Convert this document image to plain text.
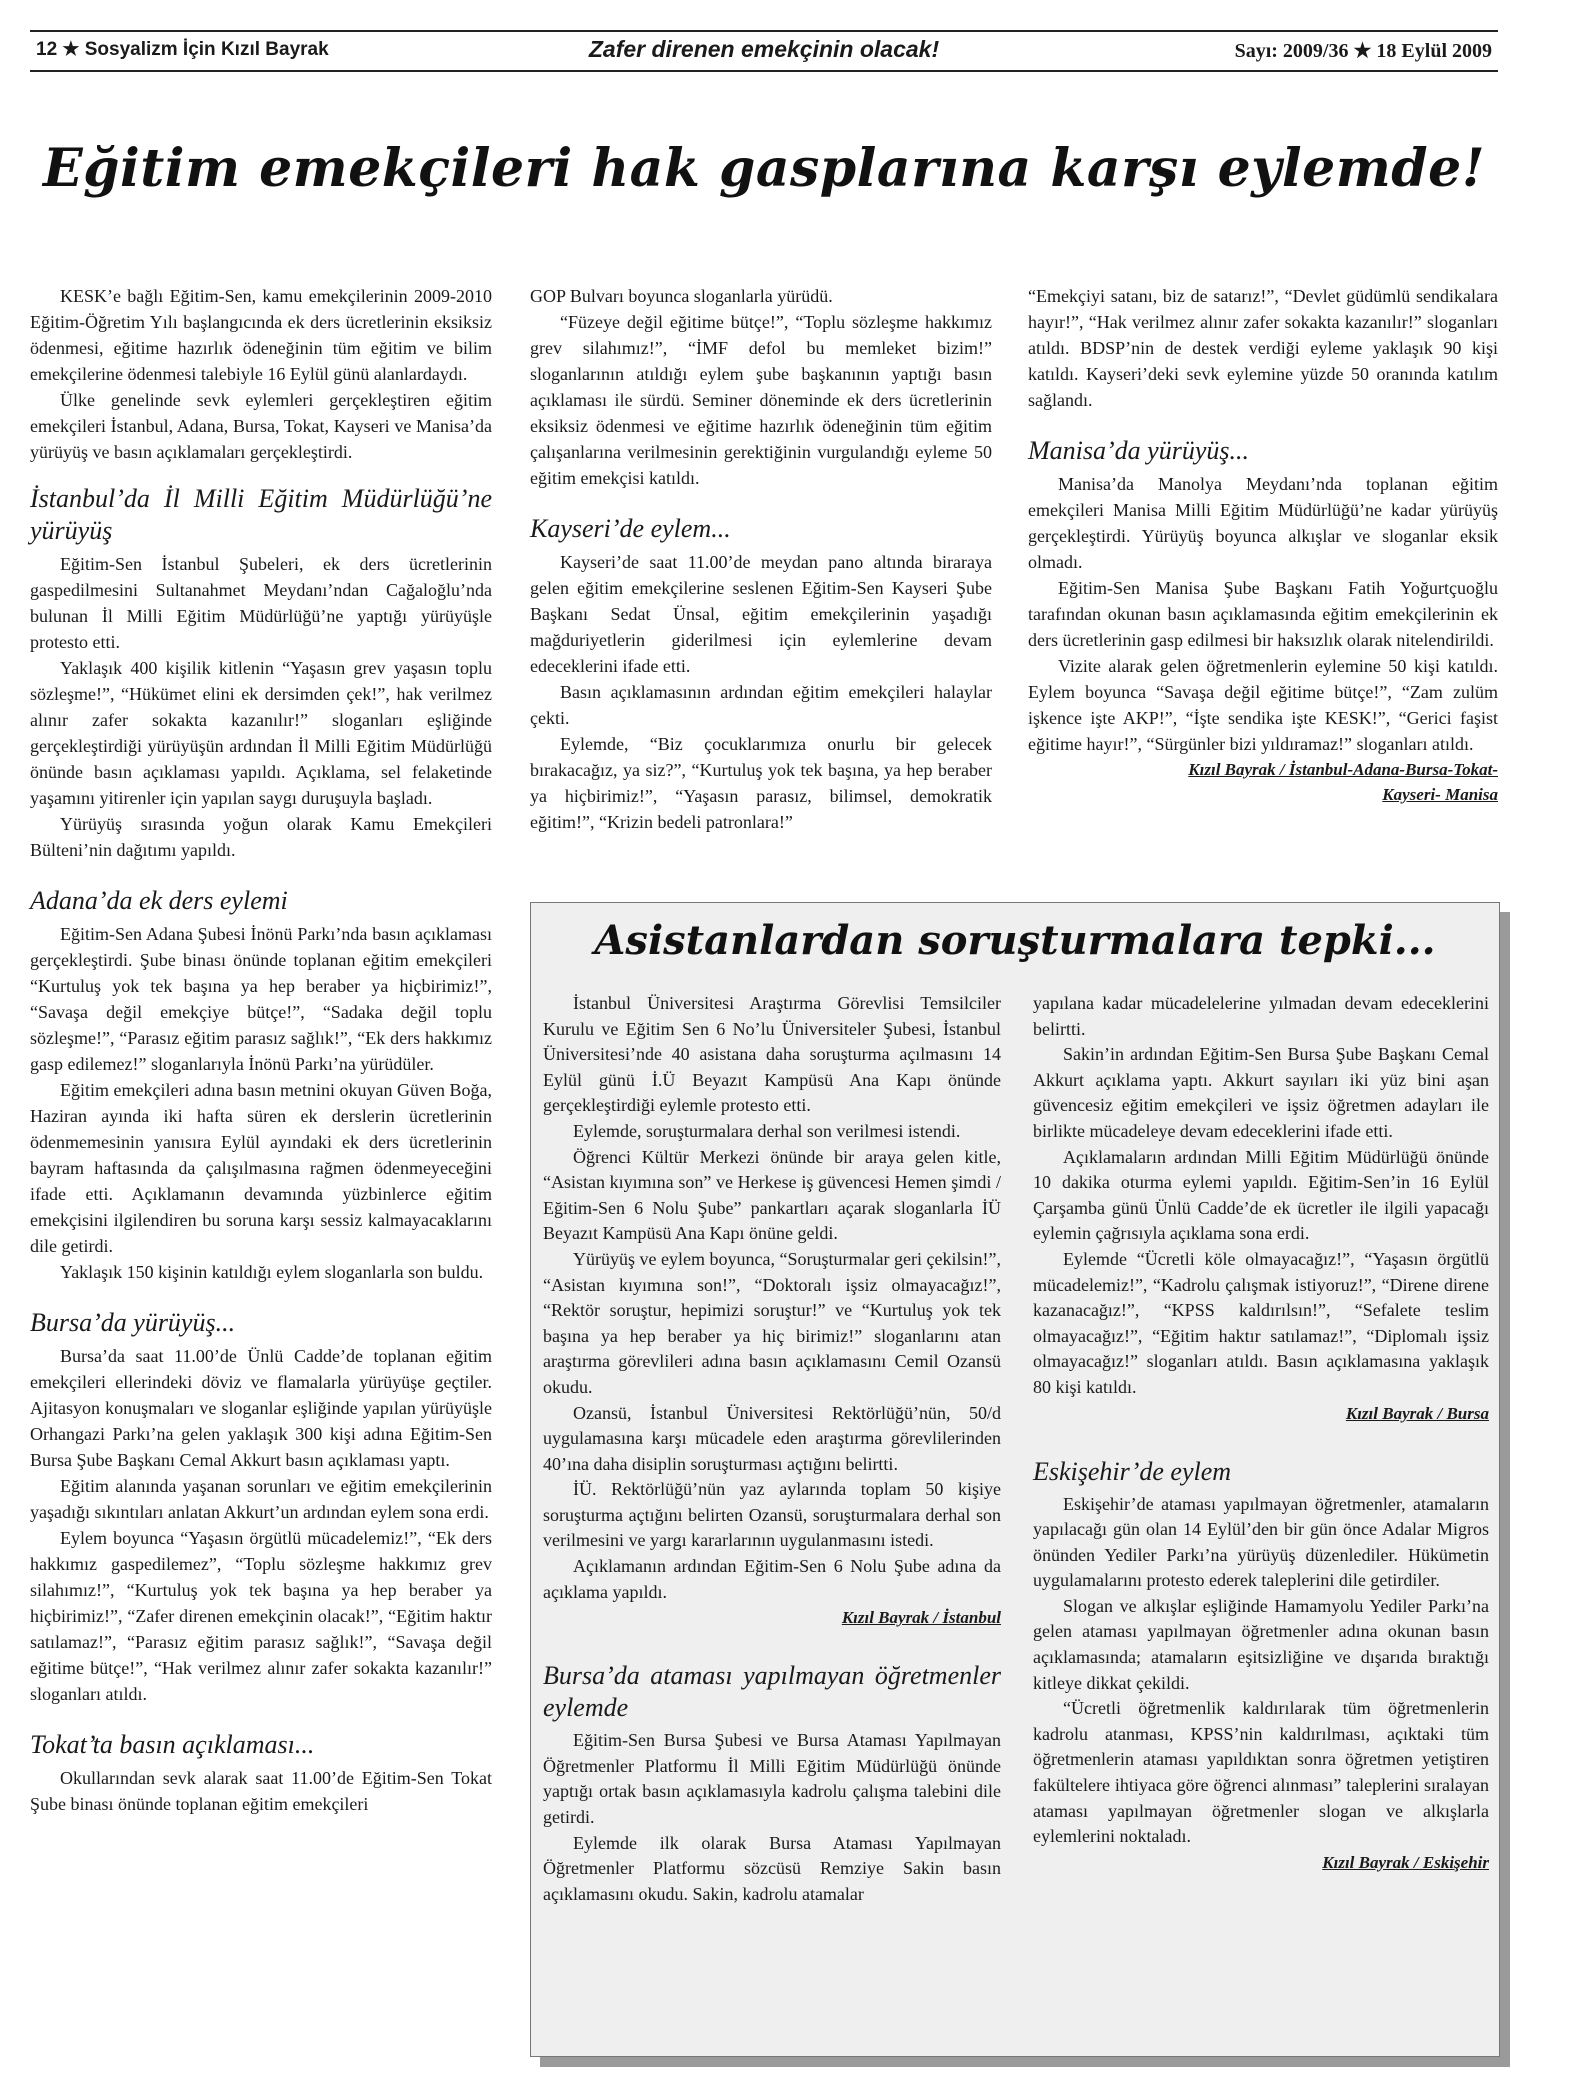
12 ★ Sosyalizm İçin Kızıl Bayrak	Zafer direnen emekçinin olacak!	Sayı: 2009/36 ★ 18 Eylül 2009
Eğitim emekçileri hak gasplarına karşı eylemde!

KESK’e bağlı Eğitim-Sen, kamu emekçilerinin 2009-2010 Eğitim-Öğretim Yılı başlangıcında ek ders ücretlerinin eksiksiz ödenmesi, eğitime hazırlık ödeneğinin tüm eğitim ve bilim emekçilerine ödenmesi talebiyle 16 Eylül günü alanlardaydı.

Ülke genelinde sevk eylemleri gerçekleştiren eğitim emekçileri İstanbul, Adana, Bursa, Tokat, Kayseri ve Manisa’da yürüyüş ve basın açıklamaları gerçekleştirdi.

İstanbul’da İl Milli Eğitim Müdürlüğü’ne yürüyüş

Eğitim-Sen İstanbul Şubeleri, ek ders ücretlerinin gaspedilmesini Sultanahmet Meydanı’ndan Cağaloğlu’nda bulunan İl Milli Eğitim Müdürlüğü’ne yaptığı yürüyüşle protesto etti.

Yaklaşık 400 kişilik kitlenin “Yaşasın grev yaşasın toplu sözleşme!”, “Hükümet elini ek dersimden çek!”, hak verilmez alınır zafer sokakta kazanılır!” sloganları eşliğinde gerçekleştirdiği yürüyüşün ardından İl Milli Eğitim Müdürlüğü önünde basın açıklaması yapıldı. Açıklama, sel felaketinde yaşamını yitirenler için yapılan saygı duruşuyla başladı.

Yürüyüş sırasında yoğun olarak Kamu Emekçileri Bülteni’nin dağıtımı yapıldı.

Adana’da ek ders eylemi

Eğitim-Sen Adana Şubesi İnönü Parkı’nda basın açıklaması gerçekleştirdi. Şube binası önünde toplanan eğitim emekçileri “Kurtuluş yok tek başına ya hep beraber ya hiçbirimiz!”, “Savaşa değil emekçiye bütçe!”, “Sadaka değil toplu sözleşme!”, “Parasız eğitim parasız sağlık!”, “Ek ders hakkımız gasp edilemez!” sloganlarıyla İnönü Parkı’na yürüdüler.

Eğitim emekçileri adına basın metnini okuyan Güven Boğa, Haziran ayında iki hafta süren ek derslerin ücretlerinin ödenmemesinin yanısıra Eylül ayındaki ek ders ücretlerinin bayram haftasında da çalışılmasına rağmen ödenmeyeceğini ifade etti. Açıklamanın devamında yüzbinlerce eğitim emekçisini ilgilendiren bu soruna karşı sessiz kalmayacaklarını dile getirdi.

Yaklaşık 150 kişinin katıldığı eylem sloganlarla son buldu.

Bursa’da yürüyüş...

Bursa’da saat 11.00’de Ünlü Cadde’de toplanan eğitim emekçileri ellerindeki döviz ve flamalarla yürüyüşe geçtiler. Ajitasyon konuşmaları ve sloganlar eşliğinde yapılan yürüyüşle Orhangazi Parkı’na gelen yaklaşık 300 kişi adına Eğitim-Sen Bursa Şube Başkanı Cemal Akkurt basın açıklaması yaptı.

Eğitim alanında yaşanan sorunları ve eğitim emekçilerinin yaşadığı sıkıntıları anlatan Akkurt’un ardından eylem sona erdi.

Eylem boyunca “Yaşasın örgütlü mücadelemiz!”, “Ek ders hakkımız gaspedilemez”, “Toplu sözleşme hakkımız grev silahımız!”, “Kurtuluş yok tek başına ya hep beraber ya hiçbirimiz!”, “Zafer direnen emekçinin olacak!”, “Eğitim haktır satılamaz!”, “Parasız eğitim parasız sağlık!”, “Savaşa değil eğitime bütçe!”, “Hak verilmez alınır zafer sokakta kazanılır!” sloganları atıldı.

Tokat’ta basın açıklaması...

Okullarından sevk alarak saat 11.00’de Eğitim-Sen Tokat Şube binası önünde toplanan eğitim emekçileri

GOP Bulvarı boyunca sloganlarla yürüdü.

“Füzeye değil eğitime bütçe!”, “Toplu sözleşme hakkımız grev silahımız!”, “İMF defol bu memleket bizim!” sloganlarının atıldığı eylem şube başkanının yaptığı basın açıklaması ile sürdü. Seminer döneminde ek ders ücretlerinin eksiksiz ödenmesi ve eğitime hazırlık ödeneğinin tüm eğitim çalışanlarına verilmesinin gerektiğinin vurgulandığı eyleme 50 eğitim emekçisi katıldı.

Kayseri’de eylem...

Kayseri’de saat 11.00’de meydan pano altında biraraya gelen eğitim emekçilerine seslenen Eğitim-Sen Kayseri Şube Başkanı Sedat Ünsal, eğitim emekçilerinin yaşadığı mağduriyetlerin giderilmesi için eylemlerine devam edeceklerini ifade etti.

Basın açıklamasının ardından eğitim emekçileri halaylar çekti.

Eylemde, “Biz çocuklarımıza onurlu bir gelecek bırakacağız, ya siz?”, “Kurtuluş yok tek başına, ya hep beraber ya hiçbirimiz!”, “Yaşasın parasız, bilimsel, demokratik eğitim!”, “Krizin bedeli patronlara!”

“Emekçiyi satanı, biz de satarız!”, “Devlet güdümlü sendikalara hayır!”, “Hak verilmez alınır zafer sokakta kazanılır!” sloganları atıldı. BDSP’nin de destek verdiği eyleme yaklaşık 90 kişi katıldı. Kayseri’deki sevk eylemine yüzde 50 oranında katılım sağlandı.

Manisa’da yürüyüş...

Manisa’da Manolya Meydanı’nda toplanan eğitim emekçileri Manisa Milli Eğitim Müdürlüğü’ne kadar yürüyüş gerçekleştirdi. Yürüyüş boyunca alkışlar ve sloganlar eksik olmadı.

Eğitim-Sen Manisa Şube Başkanı Fatih Yoğurtçuoğlu tarafından okunan basın açıklamasında eğitim emekçilerinin ek ders ücretlerinin gasp edilmesi bir haksızlık olarak nitelendirildi.

Vizite alarak gelen öğretmenlerin eylemine 50 kişi katıldı. Eylem boyunca “Savaşa değil eğitime bütçe!”, “Zam zulüm işkence işte AKP!”, “İşte sendika işte KESK!”, “Gerici faşist eğitime hayır!”, “Sürgünler bizi yıldıramaz!” sloganları atıldı.

Kızıl Bayrak / İstanbul-Adana-Bursa-Tokat-
Kayseri- Manisa
Asistanlardan soruşturmalara tepki...

İstanbul Üniversitesi Araştırma Görevlisi Temsilciler Kurulu ve Eğitim Sen 6 No’lu Üniversiteler Şubesi, İstanbul Üniversitesi’nde 40 asistana daha soruşturma açılmasını 14 Eylül günü İ.Ü Beyazıt Kampüsü Ana Kapı önünde gerçekleştirdiği eylemle protesto etti.

Eylemde, soruşturmalara derhal son verilmesi istendi.

Öğrenci Kültür Merkezi önünde bir araya gelen kitle, “Asistan kıyımına son” ve Herkese iş güvencesi Hemen şimdi / Eğitim-Sen 6 Nolu Şube” pankartları açarak sloganlarla İÜ Beyazıt Kampüsü Ana Kapı önüne geldi.

Yürüyüş ve eylem boyunca, “Soruşturmalar geri çekilsin!”, “Asistan kıyımına son!”, “Doktoralı işsiz olmayacağız!”, “Rektör soruştur, hepimizi soruştur!” ve “Kurtuluş yok tek başına ya hep beraber ya hiç birimiz!” sloganlarını atan araştırma görevlileri adına basın açıklamasını Cemil Ozansü okudu.

Ozansü, İstanbul Üniversitesi Rektörlüğü’nün, 50/d uygulamasına karşı mücadele eden araştırma görevlilerinden 40’ına daha disiplin soruşturması açtığını belirtti.

İÜ. Rektörlüğü’nün yaz aylarında toplam 50 kişiye soruşturma açtığını belirten Ozansü, soruşturmalara derhal son verilmesini ve yargı kararlarının uygulanmasını istedi.

Açıklamanın ardından Eğitim-Sen 6 Nolu Şube adına da açıklama yapıldı.

Kızıl Bayrak / İstanbul
Bursa’da ataması yapılmayan öğretmenler eylemde

Eğitim-Sen Bursa Şubesi ve Bursa Ataması Yapılmayan Öğretmenler Platformu İl Milli Eğitim Müdürlüğü önünde yaptığı ortak basın açıklamasıyla kadrolu çalışma talebini dile getirdi.

Eylemde ilk olarak Bursa Ataması Yapılmayan Öğretmenler Platformu sözcüsü Remziye Sakin basın açıklamasını okudu. Sakin, kadrolu atamalar

yapılana kadar mücadelelerine yılmadan devam edeceklerini belirtti.

Sakin’in ardından Eğitim-Sen Bursa Şube Başkanı Cemal Akkurt açıklama yaptı. Akkurt sayıları iki yüz bini aşan güvencesiz eğitim emekçileri ve işsiz öğretmen adayları ile birlikte mücadeleye devam edeceklerini ifade etti.

Açıklamaların ardından Milli Eğitim Müdürlüğü önünde 10 dakika oturma eylemi yapıldı. Eğitim-Sen’in 16 Eylül Çarşamba günü Ünlü Cadde’de ek ücretler ile ilgili yapacağı eylemin çağrısıyla açıklama sona erdi.

Eylemde “Ücretli köle olmayacağız!”, “Yaşasın örgütlü mücadelemiz!”, “Kadrolu çalışmak istiyoruz!”, “Direne direne kazanacağız!”, “KPSS kaldırılsın!”, “Sefalete teslim olmayacağız!”, “Eğitim haktır satılamaz!”, “Diplomalı işsiz olmayacağız!” sloganları atıldı. Basın açıklamasına yaklaşık 80 kişi katıldı.

Kızıl Bayrak / Bursa
Eskişehir’de eylem

Eskişehir’de ataması yapılmayan öğretmenler, atamaların yapılacağı gün olan 14 Eylül’den bir gün önce Adalar Migros önünden Yediler Parkı’na yürüyüş düzenlediler. Hükümetin uygulamalarını protesto ederek taleplerini dile getirdiler.

Slogan ve alkışlar eşliğinde Hamamyolu Yediler Parkı’na gelen ataması yapılmayan öğretmenler adına okunan basın açıklamasında; atamaların eşitsizliğine ve dışarıda bıraktığı kitleye dikkat çekildi.

“Ücretli öğretmenlik kaldırılarak tüm öğretmenlerin kadrolu atanması, KPSS’nin kaldırılması, açıktaki tüm öğretmenlerin ataması yapıldıktan sonra öğretmen yetiştiren fakültelere ihtiyaca göre öğrenci alınması” taleplerini sıralayan ataması yapılmayan öğretmenler slogan ve alkışlarla eylemlerini noktaladı.

Kızıl Bayrak / Eskişehir
